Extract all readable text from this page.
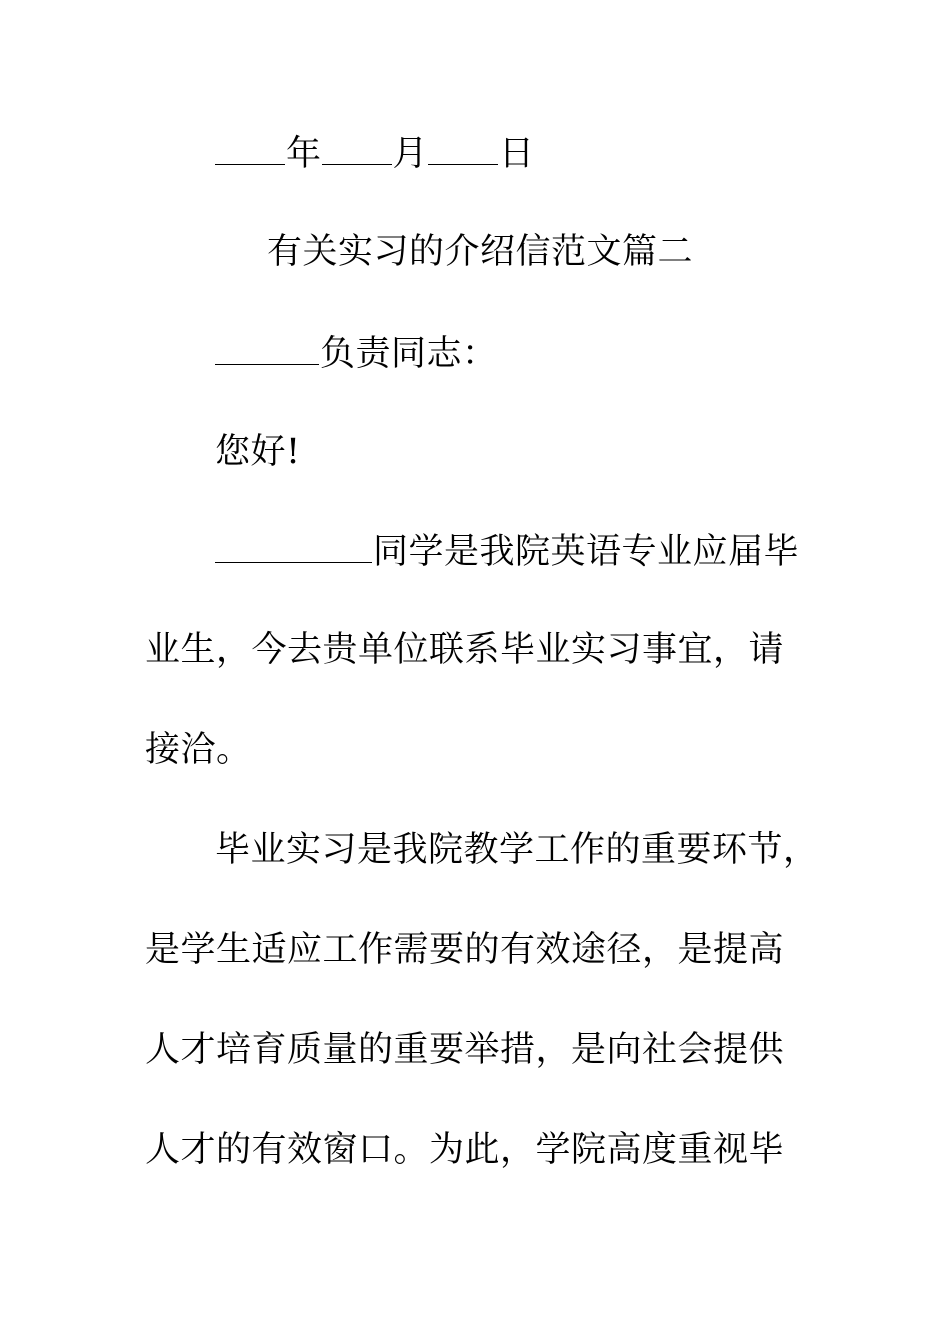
年 月 日
有关实习的介绍信范文篇二
负责同志：
您好!
同学是我院英语专业应届毕
业生，今去贵单位联系毕业实习事宜，请
接洽。
毕业实习是我院教学工作的重要环节，
是学生适应工作需要的有效途径，是提高
人才培育质量的重要举措，是向社会提供
人才的有效窗口。为此，学院高度重视毕
